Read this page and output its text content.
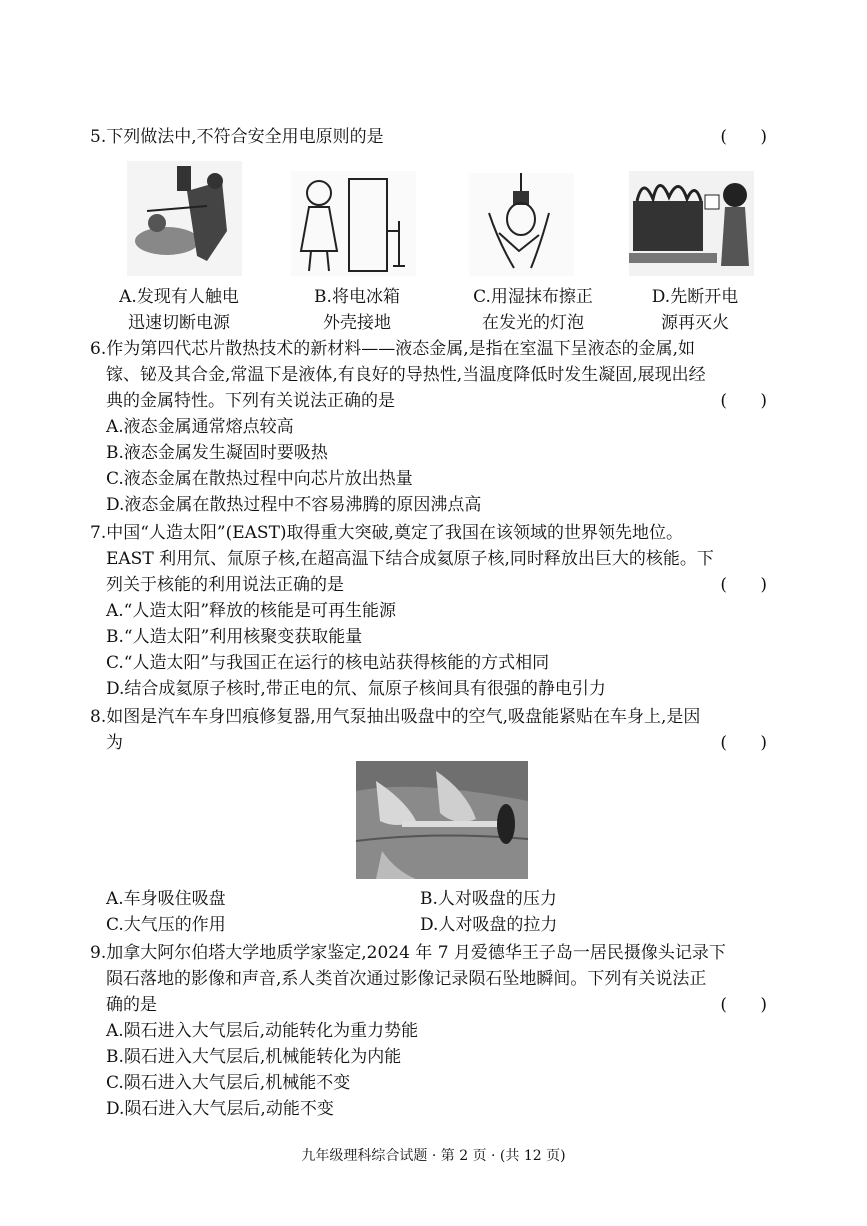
5.下列做法中,不符合安全用电原则的是	( )
A.发现有人触电
迅速切断电源
B.将电冰箱
外壳接地
C.用湿抹布擦正
在发光的灯泡
D.先断开电
源再灭火
6.作为第四代芯片散热技术的新材料——液态金属,是指在室温下呈液态的金属,如
镓、铋及其合金,常温下是液体,有良好的导热性,当温度降低时发生凝固,展现出经
典的金属特性。下列有关说法正确的是	( )
A.液态金属通常熔点较高
B.液态金属发生凝固时要吸热
C.液态金属在散热过程中向芯片放出热量
D.液态金属在散热过程中不容易沸腾的原因沸点高
7.中国“人造太阳”(EAST)取得重大突破,奠定了我国在该领域的世界领先地位。
EAST 利用氘、氚原子核,在超高温下结合成氦原子核,同时释放出巨大的核能。下
列关于核能的利用说法正确的是	( )
A.“人造太阳”释放的核能是可再生能源
B.“人造太阳”利用核聚变获取能量
C.“人造太阳”与我国正在运行的核电站获得核能的方式相同
D.结合成氦原子核时,带正电的氘、氚原子核间具有很强的静电引力
8.如图是汽车车身凹痕修复器,用气泵抽出吸盘中的空气,吸盘能紧贴在车身上,是因
为	( )
A.车身吸住吸盘	B.人对吸盘的压力
C.大气压的作用	D.人对吸盘的拉力
9.加拿大阿尔伯塔大学地质学家鉴定,2024 年 7 月爱德华王子岛一居民摄像头记录下
陨石落地的影像和声音,系人类首次通过影像记录陨石坠地瞬间。下列有关说法正
确的是	( )
A.陨石进入大气层后,动能转化为重力势能
B.陨石进入大气层后,机械能转化为内能
C.陨石进入大气层后,机械能不变
D.陨石进入大气层后,动能不变
九年级理科综合试题 · 第 2 页 · (共 12 页)
